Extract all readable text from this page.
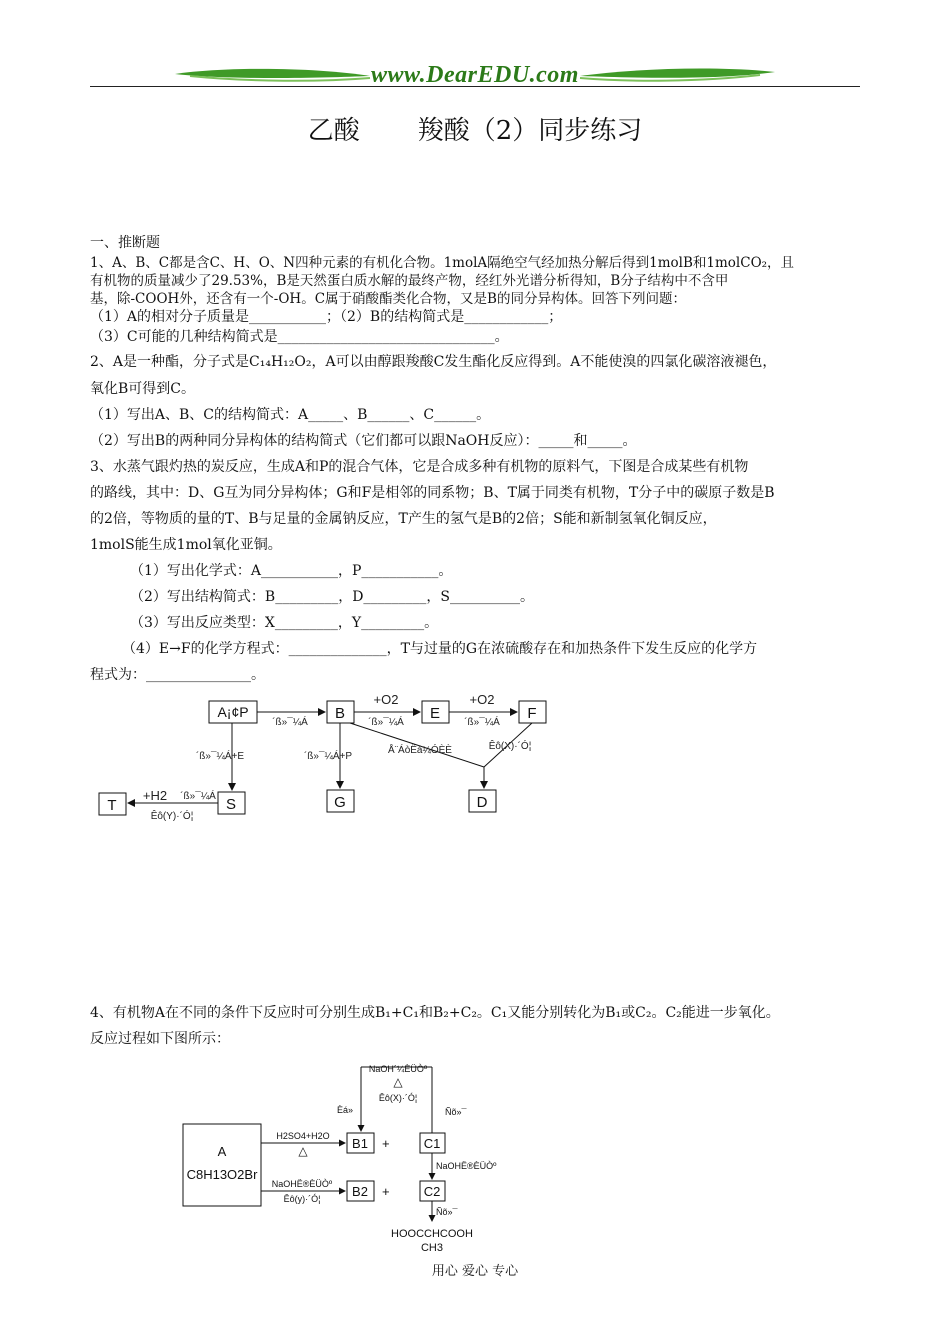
www.DearEDU.com
乙酸 羧酸（2）同步练习
一、推断题
1、A、B、C都是含C、H、O、N四种元素的有机化合物。1molA隔绝空气经加热分解后得到1molB和1molCO₂，且
有机物的质量减少了29.53%，B是天然蛋白质水解的最终产物，经红外光谱分析得知，B分子结构中不含甲
基，除-COOH外，还含有一个-OH。C属于硝酸酯类化合物，又是B的同分异构体。回答下列问题：
（1）A的相对分子质量是___________；（2）B的结构简式是____________；
（3）C可能的几种结构简式是_______________________________。
2、A是一种酯，分子式是C₁₄H₁₂O₂，A可以由醇跟羧酸C发生酯化反应得到。A不能使溴的四氯化碳溶液褪色，
氧化B可得到C。
（1）写出A、B、C的结构简式：A_____、B______、C______。
（2）写出B的两种同分异构体的结构简式（它们都可以跟NaOH反应）：_____和_____。
3、水蒸气跟灼热的炭反应，生成A和P的混合气体，它是合成多种有机物的原料气，下图是合成某些有机物
的路线，其中：D、G互为同分异构体；G和F是相邻的同系物；B、T属于同类有机物，T分子中的碳原子数是B
的2倍，等物质的量的T、B与足量的金属钠反应，T产生的氢气是B的2倍；S能和新制氢氧化铜反应，
1molS能生成1mol氧化亚铜。
（1）写出化学式：A___________，P___________。
（2）写出结构简式：B_________，D_________，S__________。
（3）写出反应类型：X_________，Y_________。
（4）E→F的化学方程式：______________，T与过量的G在浓硫酸存在和加热条件下发生反应的化学方
程式为：_______________。
A¡¢P	B	E	F
S
T	G	D
´ß»¯¼Á
+O2
´ß»¯¼Á
+O2
´ß»¯¼Á
Å¨ÁòËá¼ÓÈÈ	Êô(X)·´Ó¦
´ß»¯¼Á+E	´ß»¯¼Á+P
+H2 ´ß»¯¼Á
Êô(Y)·´Ó¦
4、有机物A在不同的条件下反应时可分别生成B₁+C₁和B₂+C₂。C₁又能分别转化为B₁或C₂。C₂能进一步氧化。
反应过程如下图所示：
A
C8H13O2Br
B1
B2
C1
C2
+
+
H2SO4+H2O
△
NaOHË®ÈÜÒº
Êô(y)·´Ó¦
NaOH´¼ÈÜÒº
△
Êô(X)·´Ó¦
Èá»	Ñõ»¯
NaOHË®ÈÜÒº
Ñõ»¯
HOOCCHCOOH
CH3
用心 爱心 专心
